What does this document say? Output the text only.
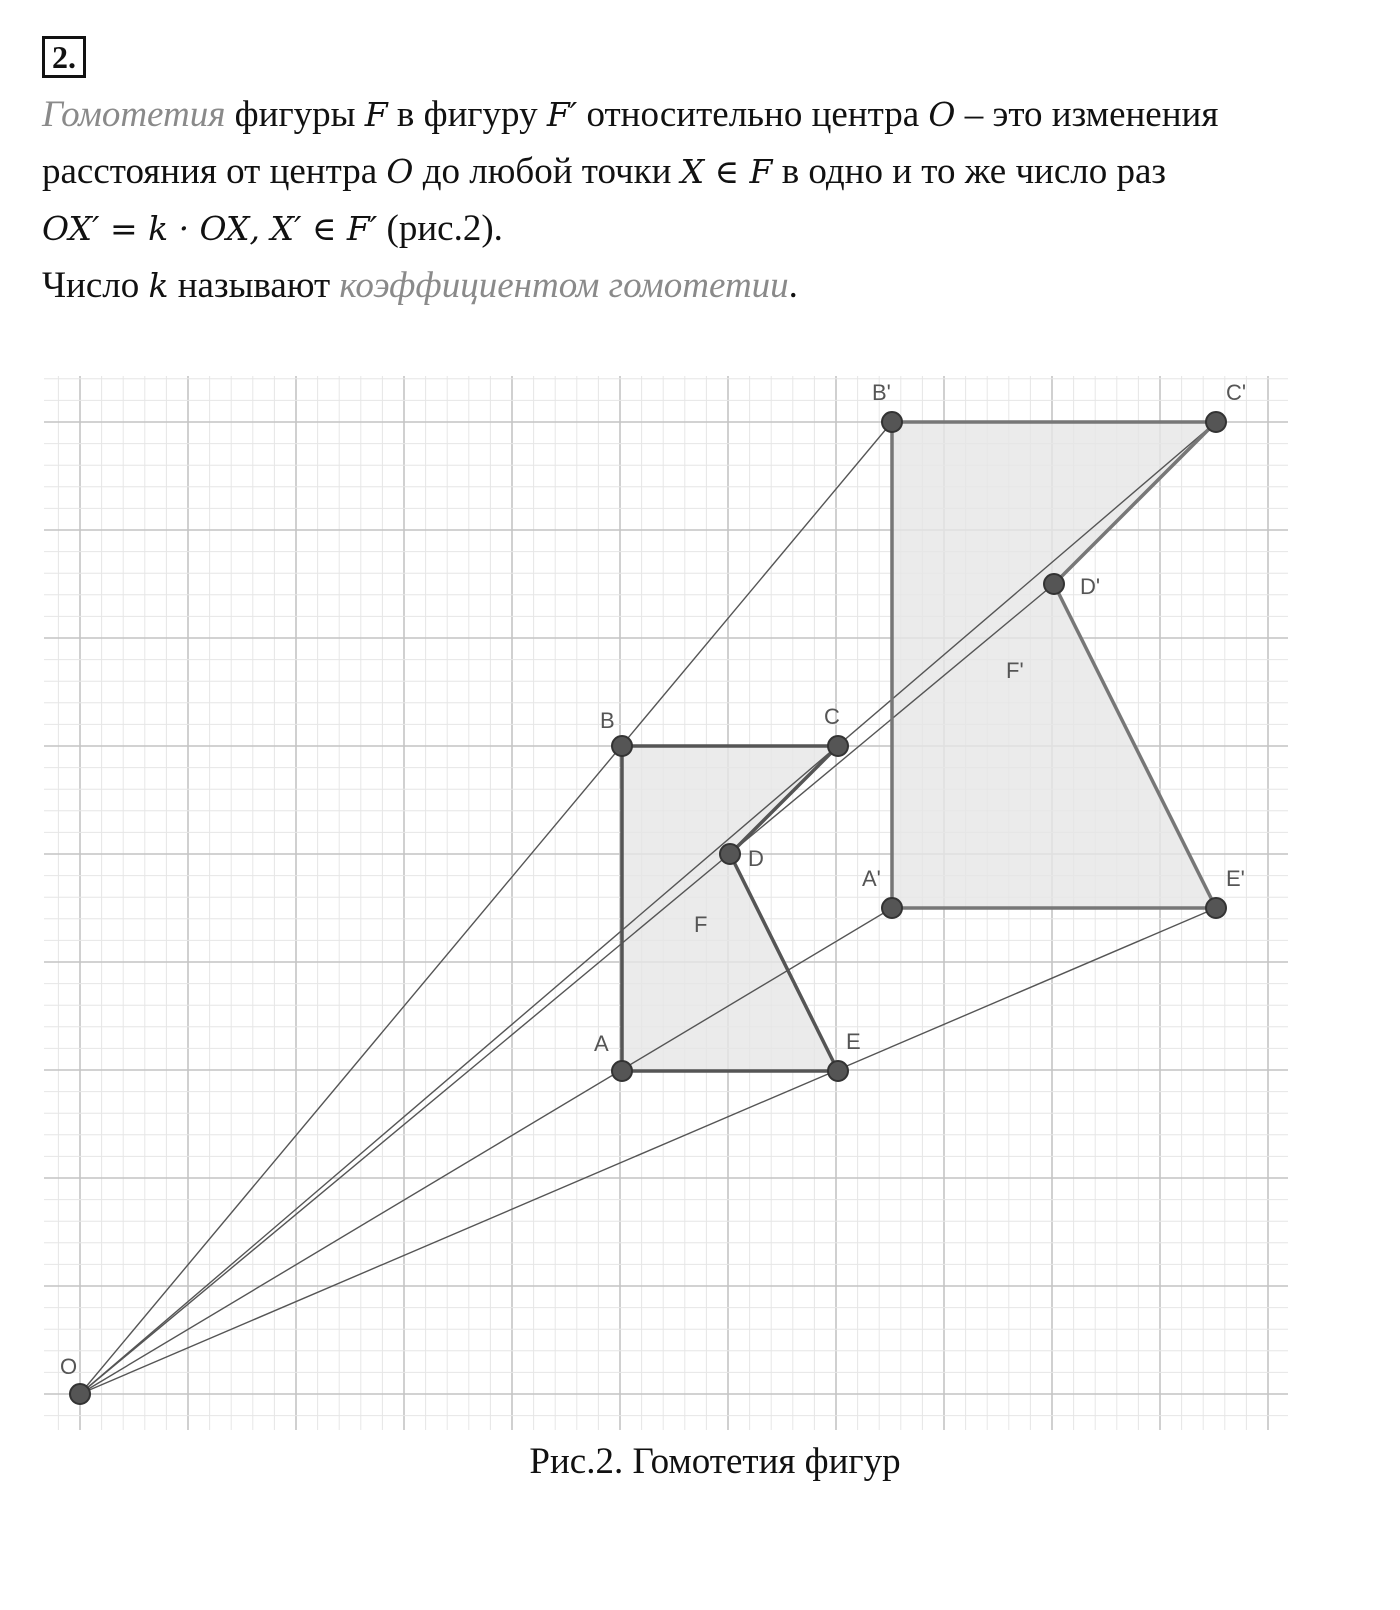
2.

Гомотетия фигуры F в фигуру F′ относительно центра O – это изменения

расстояния от центра O до любой точки X ∈ F в одно и то же число раз

OX′ = k · OX, X′ ∈ F′ (рис.2).

Число k называют коэффициентом гомотетии.

O
A
B	C
D
E
A'
B'	C'
D'
E'
F
F'
Рис.2. Гомотетия фигур
